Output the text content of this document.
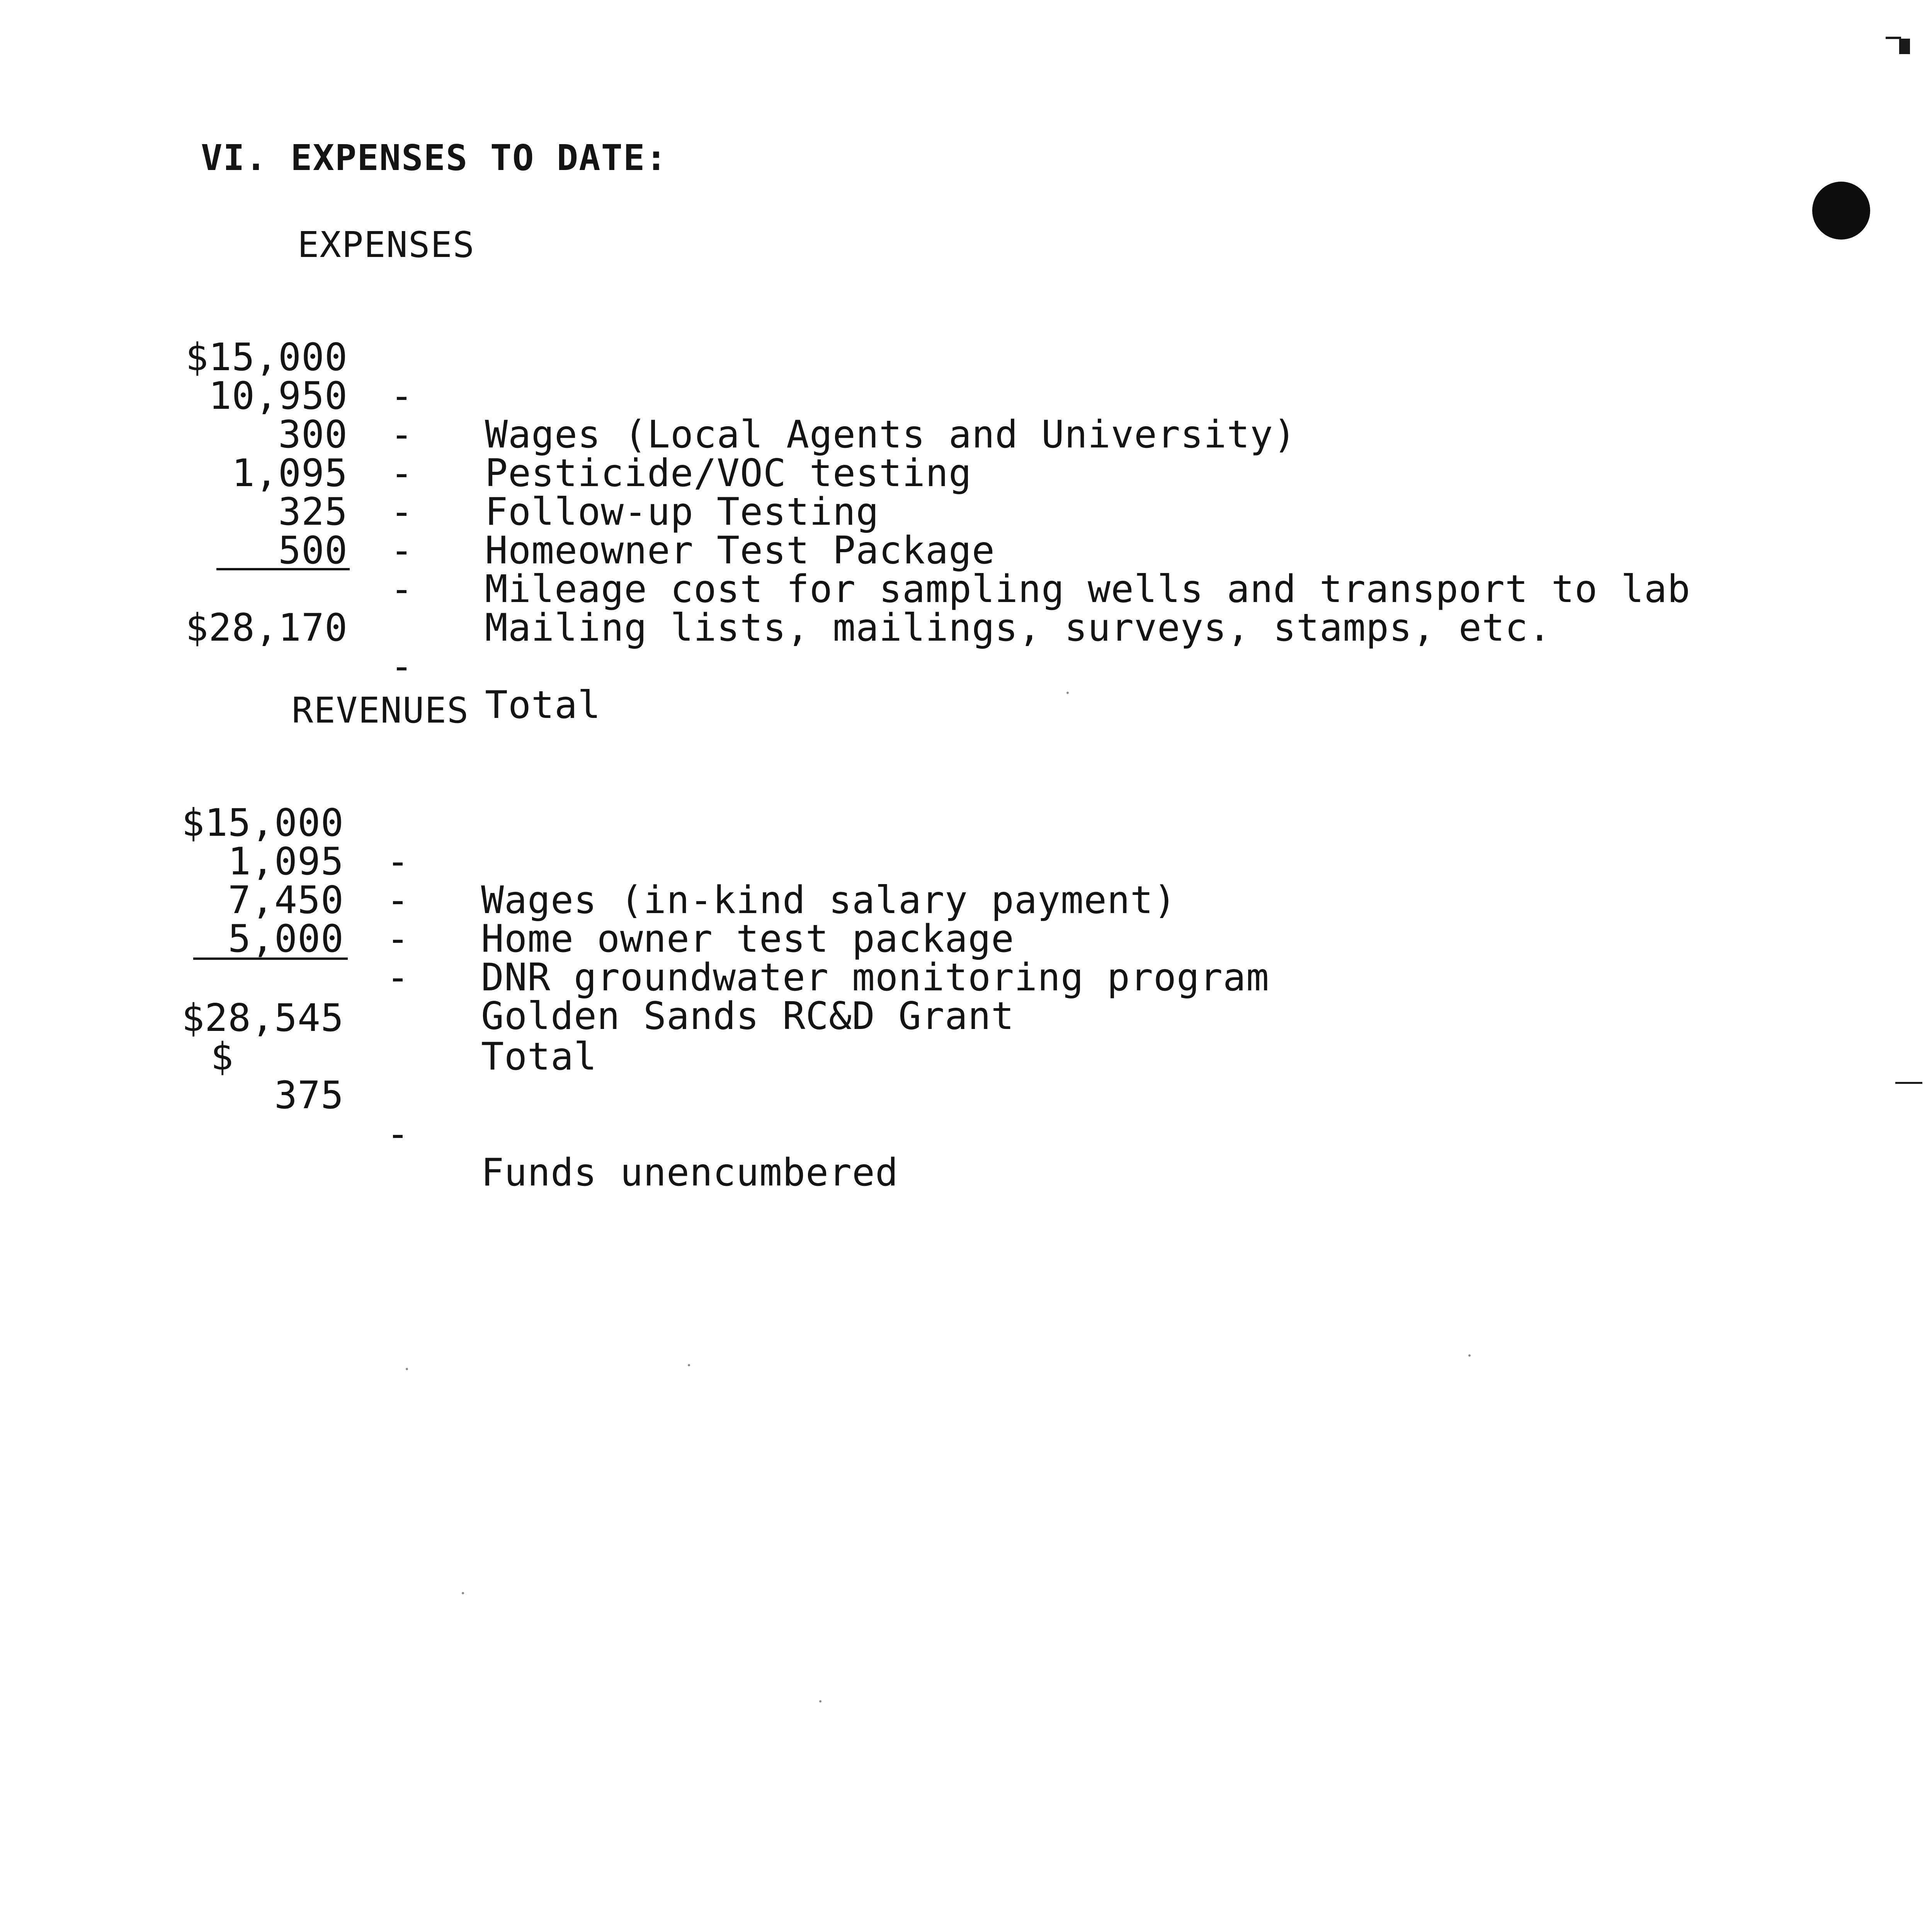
VI. EXPENSES TO DATE:
EXPENSES

$15,000

-

Wages (Local Agents and University)

10,950

-

Pesticide/VOC testing

300

-

Follow-up Testing

1,095

-

Homeowner Test Package

325

-

Mileage cost for sampling wells and transport to lab

500

-

Mailing lists, mailings, surveys, stamps, etc.

$28,170

-

Total

REVENUES

$15,000

-

Wages (in-kind salary payment)

1,095

-

Home owner test package

7,450

-

DNR groundwater monitoring program

5,000

-

Golden Sands RC&D Grant

$28,545

Total

$

375

-

Funds unencumbered
